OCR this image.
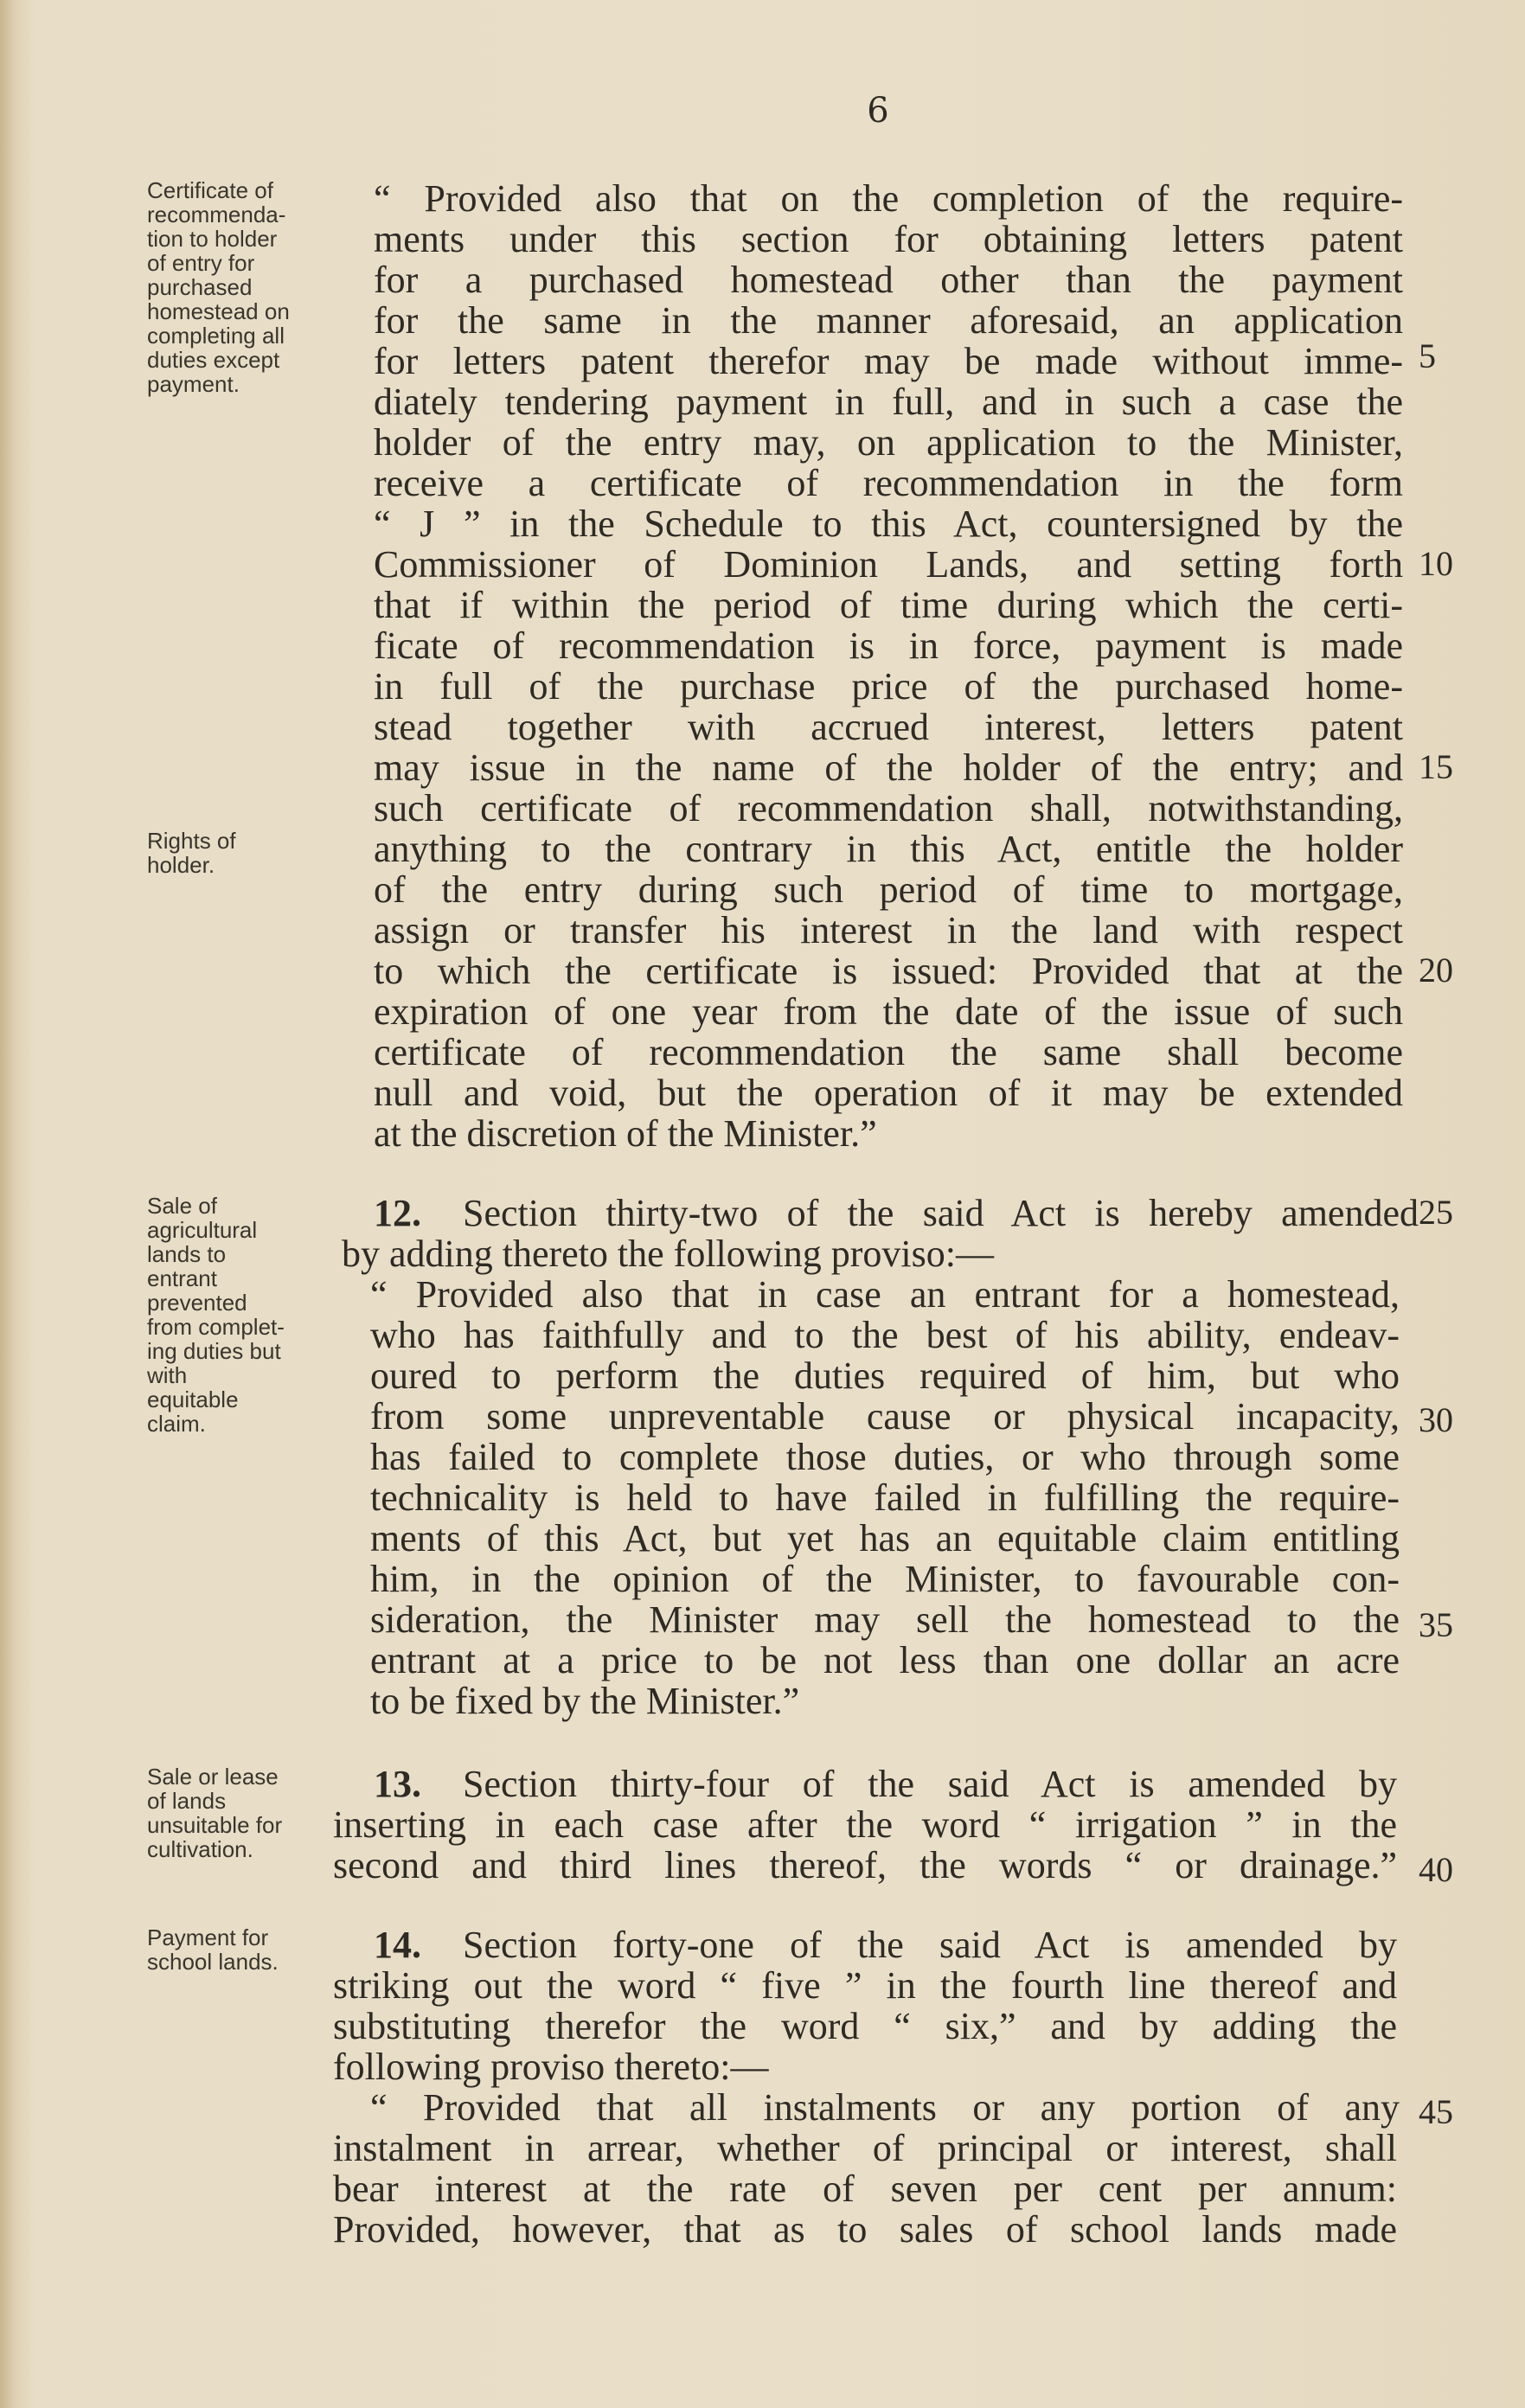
6
Certificate of
recommenda-
tion to holder
of entry for
purchased
homestead on
completing all
duties except
payment.
Rights of
holder.
Sale of
agricultural
lands to
entrant
prevented
from complet-
ing duties but
with
equitable
claim.
Sale or lease
of lands
unsuitable for
cultivation.
Payment for
school lands.
“ Provided also that on the completion of the require-
ments under this section for obtaining letters patent
for a purchased homestead other than the payment
for the same in the manner aforesaid, an application
for letters patent therefor may be made without imme-
diately tendering payment in full, and in such a case the
holder of the entry may, on application to the Minister,
receive a certificate of recommendation in the form
“ J ” in the Schedule to this Act, countersigned by the
Commissioner of Dominion Lands, and setting forth
that if within the period of time during which the certi-
ficate of recommendation is in force, payment is made
in full of the purchase price of the purchased home-
stead together with accrued interest, letters patent
may issue in the name of the holder of the entry; and
such certificate of recommendation shall, notwithstanding,
anything to the contrary in this Act, entitle the holder
of the entry during such period of time to mortgage,
assign or transfer his interest in the land with respect
to which the certificate is issued: Provided that at the
expiration of one year from the date of the issue of such
certificate of recommendation the same shall become
null and void, but the operation of it may be extended
at the discretion of the Minister.”
12. Section thirty-two of the said Act is hereby amended
by adding thereto the following proviso:—
“ Provided also that in case an entrant for a homestead,
who has faithfully and to the best of his ability, endeav-
oured to perform the duties required of him, but who
from some unpreventable cause or physical incapacity,
has failed to complete those duties, or who through some
technicality is held to have failed in fulfilling the require-
ments of this Act, but yet has an equitable claim entitling
him, in the opinion of the Minister, to favourable con-
sideration, the Minister may sell the homestead to the
entrant at a price to be not less than one dollar an acre
to be fixed by the Minister.”
13. Section thirty-four of the said Act is amended by
inserting in each case after the word “ irrigation ” in the
second and third lines thereof, the words “ or drainage.”
14. Section forty-one of the said Act is amended by
striking out the word “ five ” in the fourth line thereof and
substituting therefor the word “ six,” and by adding the
following proviso thereto:—
“ Provided that all instalments or any portion of any
instalment in arrear, whether of principal or interest, shall
bear interest at the rate of seven per cent per annum:
Provided, however, that as to sales of school lands made
5
10
15
20
25
30
35
40
45
